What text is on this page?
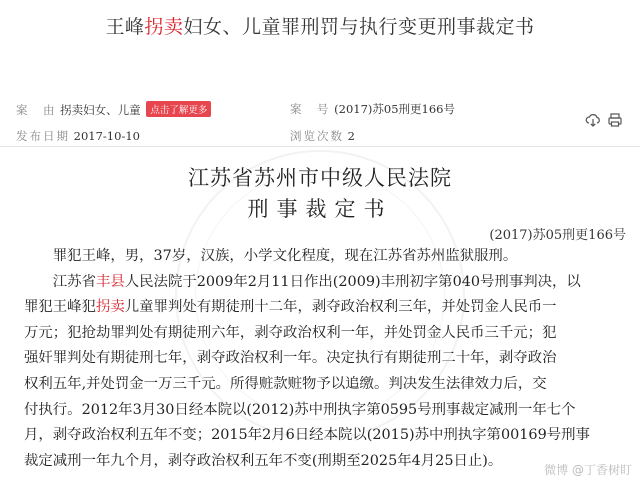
王峰拐卖妇女、儿童罪刑罚与执行变更刑事裁定书
案　由 拐卖妇女、儿童 点击了解更多	案　号 (2017)苏05刑更166号
发布日期 2017-10-10	浏览次数 2
江苏省苏州市中级人民法院
刑事裁定书
(2017)苏05刑更166号
　　罪犯王峰，男，37岁，汉族，小学文化程度，现在江苏省苏州监狱服刑。
　　江苏省丰县人民法院于2009年2月11日作出(2009)丰刑初字第040号刑事判决，以
罪犯王峰犯拐卖儿童罪判处有期徒刑十二年，剥夺政治权利三年，并处罚金人民币一
万元；犯抢劫罪判处有期徒刑六年，剥夺政治权利一年，并处罚金人民币三千元；犯
强奸罪判处有期徒刑七年，剥夺政治权利一年。决定执行有期徒刑二十年，剥夺政治
权利五年,并处罚金一万三千元。所得赃款赃物予以追缴。判决发生法律效力后，交
付执行。2012年3月30日经本院以(2012)苏中刑执字第0595号刑事裁定减刑一年七个
月，剥夺政治权利五年不变；2015年2月6日经本院以(2015)苏中刑执字第00169号刑事
裁定减刑一年九个月，剥夺政治权利五年不变(刑期至2025年4月25日止)。
微博 @丁香树盯
